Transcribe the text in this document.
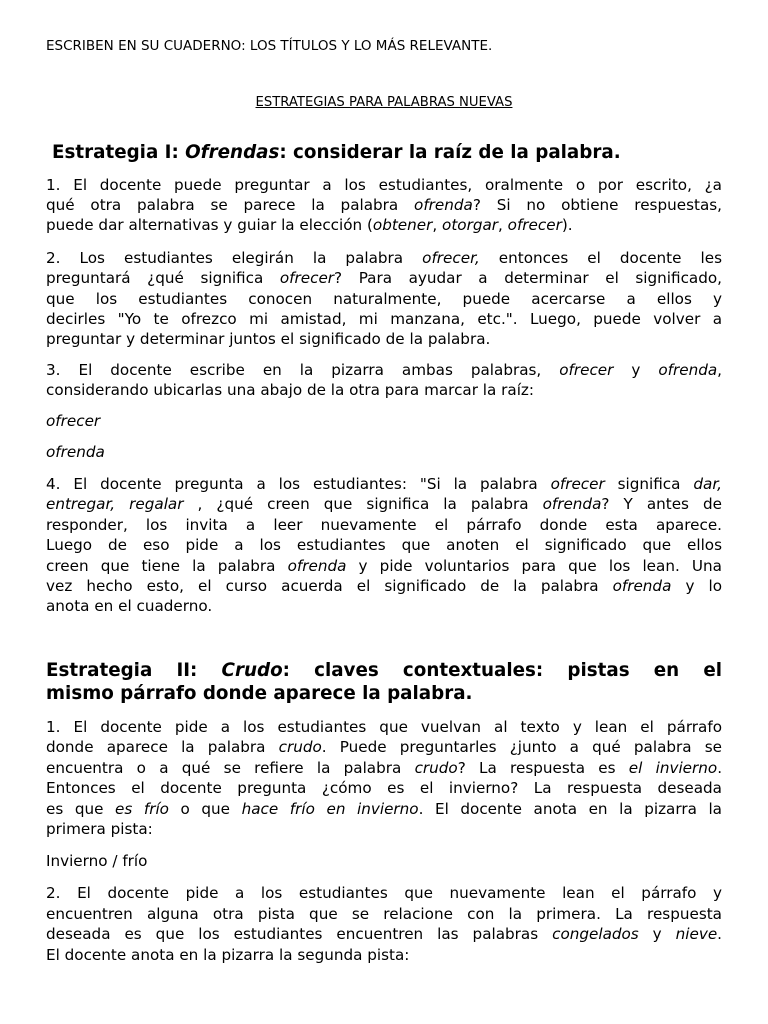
ESCRIBEN EN SU CUADERNO: LOS TÍTULOS Y LO MÁS RELEVANTE.
ESTRATEGIAS PARA PALABRAS NUEVAS
Estrategia I: Ofrendas: considerar la raíz de la palabra.
1. El docente puede preguntar a los estudiantes, oralmente o por escrito, ¿a
qué otra palabra se parece la palabra ofrenda? Si no obtiene respuestas,
puede dar alternativas y guiar la elección (obtener, otorgar, ofrecer).
2. Los estudiantes elegirán la palabra ofrecer, entonces el docente les
preguntará ¿qué significa ofrecer? Para ayudar a determinar el significado,
que los estudiantes conocen naturalmente, puede acercarse a ellos y
decirles "Yo te ofrezco mi amistad, mi manzana, etc.". Luego, puede volver a
preguntar y determinar juntos el significado de la palabra.
3. El docente escribe en la pizarra ambas palabras, ofrecer y ofrenda,
considerando ubicarlas una abajo de la otra para marcar la raíz:
ofrecer
ofrenda
4. El docente pregunta a los estudiantes: "Si la palabra ofrecer significa dar,
entregar, regalar , ¿qué creen que significa la palabra ofrenda? Y antes de
responder, los invita a leer nuevamente el párrafo donde esta aparece.
Luego de eso pide a los estudiantes que anoten el significado que ellos
creen que tiene la palabra ofrenda y pide voluntarios para que los lean. Una
vez hecho esto, el curso acuerda el significado de la palabra ofrenda y lo
anota en el cuaderno.
Estrategia II: Crudo: claves contextuales: pistas en el
mismo párrafo donde aparece la palabra.
1. El docente pide a los estudiantes que vuelvan al texto y lean el párrafo
donde aparece la palabra crudo. Puede preguntarles ¿junto a qué palabra se
encuentra o a qué se refiere la palabra crudo? La respuesta es el invierno.
Entonces el docente pregunta ¿cómo es el invierno? La respuesta deseada
es que es frío o que hace frío en invierno. El docente anota en la pizarra la
primera pista:
Invierno / frío
2. El docente pide a los estudiantes que nuevamente lean el párrafo y
encuentren alguna otra pista que se relacione con la primera. La respuesta
deseada es que los estudiantes encuentren las palabras congelados y nieve.
El docente anota en la pizarra la segunda pista:
